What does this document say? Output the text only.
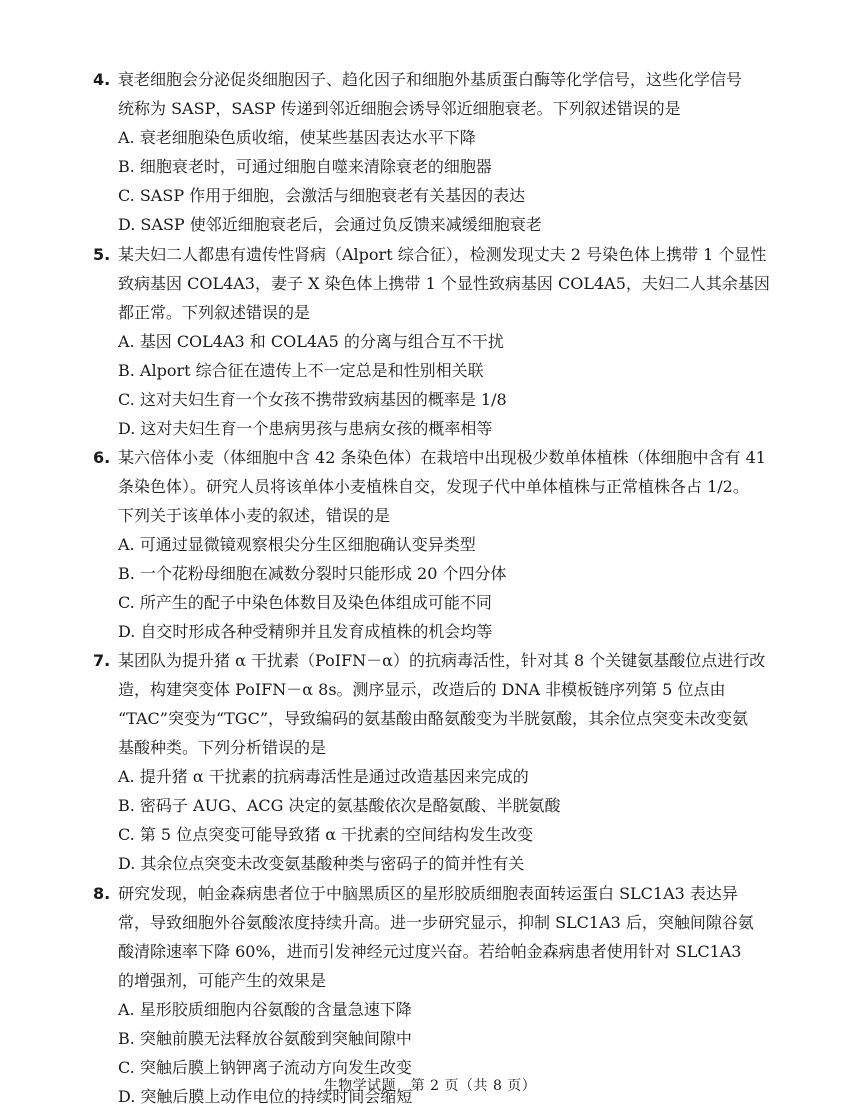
4. 衰老细胞会分泌促炎细胞因子、趋化因子和细胞外基质蛋白酶等化学信号，这些化学信号
统称为 SASP，SASP 传递到邻近细胞会诱导邻近细胞衰老。下列叙述错误的是
A. 衰老细胞染色质收缩，使某些基因表达水平下降
B. 细胞衰老时，可通过细胞自噬来清除衰老的细胞器
C. SASP 作用于细胞，会激活与细胞衰老有关基因的表达
D. SASP 使邻近细胞衰老后，会通过负反馈来减缓细胞衰老
5. 某夫妇二人都患有遗传性肾病（Alport 综合征），检测发现丈夫 2 号染色体上携带 1 个显性
致病基因 COL4A3，妻子 X 染色体上携带 1 个显性致病基因 COL4A5，夫妇二人其余基因
都正常。下列叙述错误的是
A. 基因 COL4A3 和 COL4A5 的分离与组合互不干扰
B. Alport 综合征在遗传上不一定总是和性别相关联
C. 这对夫妇生育一个女孩不携带致病基因的概率是 1/8
D. 这对夫妇生育一个患病男孩与患病女孩的概率相等
6. 某六倍体小麦（体细胞中含 42 条染色体）在栽培中出现极少数单体植株（体细胞中含有 41
条染色体）。研究人员将该单体小麦植株自交，发现子代中单体植株与正常植株各占 1/2。
下列关于该单体小麦的叙述，错误的是
A. 可通过显微镜观察根尖分生区细胞确认变异类型
B. 一个花粉母细胞在减数分裂时只能形成 20 个四分体
C. 所产生的配子中染色体数目及染色体组成可能不同
D. 自交时形成各种受精卵并且发育成植株的机会均等
7. 某团队为提升猪 α 干扰素（PoIFN－α）的抗病毒活性，针对其 8 个关键氨基酸位点进行改
造，构建突变体 PoIFN－α 8s。测序显示，改造后的 DNA 非模板链序列第 5 位点由
“TAC”突变为“TGC”，导致编码的氨基酸由酪氨酸变为半胱氨酸，其余位点突变未改变氨
基酸种类。下列分析错误的是
A. 提升猪 α 干扰素的抗病毒活性是通过改造基因来完成的
B. 密码子 AUG、ACG 决定的氨基酸依次是酪氨酸、半胱氨酸
C. 第 5 位点突变可能导致猪 α 干扰素的空间结构发生改变
D. 其余位点突变未改变氨基酸种类与密码子的简并性有关
8. 研究发现，帕金森病患者位于中脑黑质区的星形胶质细胞表面转运蛋白 SLC1A3 表达异
常，导致细胞外谷氨酸浓度持续升高。进一步研究显示，抑制 SLC1A3 后，突触间隙谷氨
酸清除速率下降 60%，进而引发神经元过度兴奋。若给帕金森病患者使用针对 SLC1A3
的增强剂，可能产生的效果是
A. 星形胶质细胞内谷氨酸的含量急速下降
B. 突触前膜无法释放谷氨酸到突触间隙中
C. 突触后膜上钠钾离子流动方向发生改变
D. 突触后膜上动作电位的持续时间会缩短
生物学试题　第 2 页（共 8 页）
